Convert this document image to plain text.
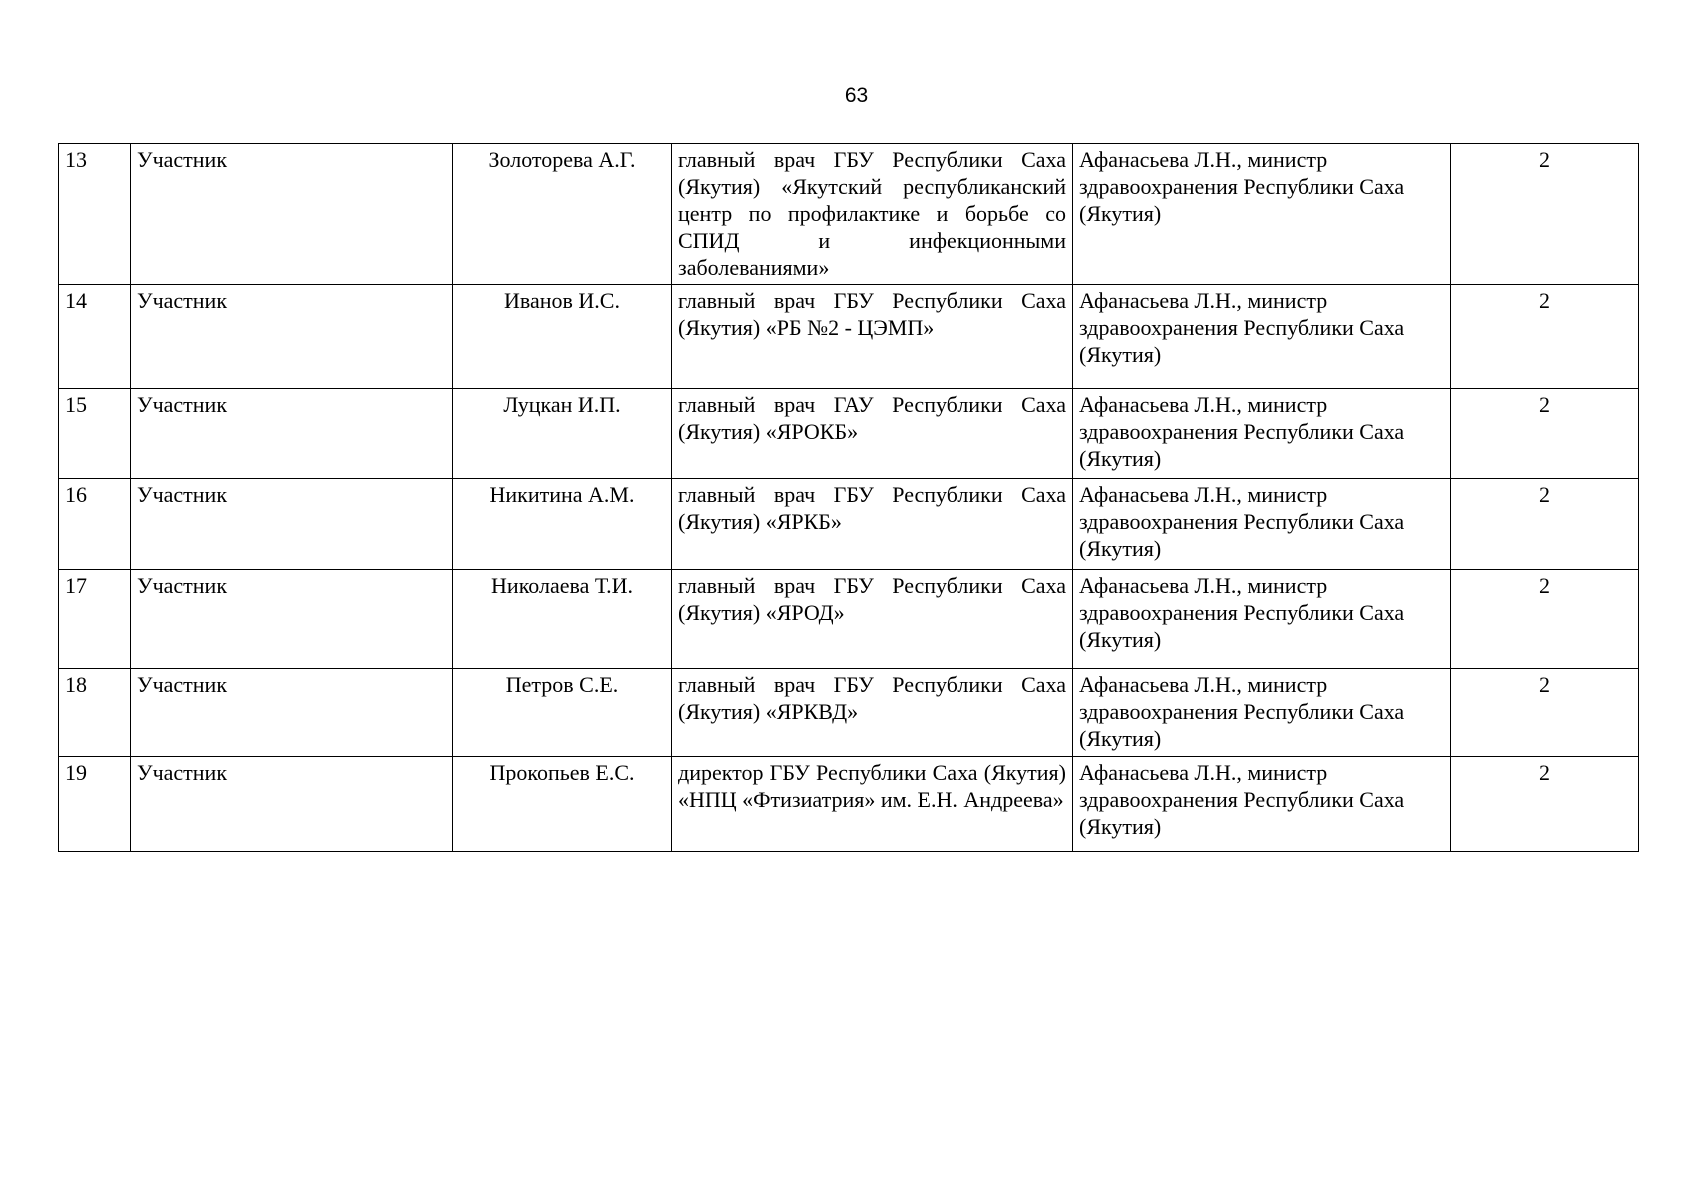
63
13	Участник	Золоторева А.Г.	главный врач ГБУ Республики Саха (Якутия) «Якутский республиканский центр по профилактике и борьбе со СПИД и инфекционными заболеваниями»	Афанасьева Л.Н., министр здравоохранения Республики Саха (Якутия)	2
14	Участник	Иванов И.С.	главный врач ГБУ Республики Саха (Якутия) «РБ №2 - ЦЭМП»	Афанасьева Л.Н., министр здравоохранения Республики Саха (Якутия)	2
15	Участник	Луцкан И.П.	главный врач ГАУ Республики Саха (Якутия) «ЯРОКБ»	Афанасьева Л.Н., министр здравоохранения Республики Саха (Якутия)	2
16	Участник	Никитина А.М.	главный врач ГБУ Республики Саха (Якутия) «ЯРКБ»	Афанасьева Л.Н., министр здравоохранения Республики Саха (Якутия)	2
17	Участник	Николаева Т.И.	главный врач ГБУ Республики Саха (Якутия) «ЯРОД»	Афанасьева Л.Н., министр здравоохранения Республики Саха (Якутия)	2
18	Участник	Петров С.Е.	главный врач ГБУ Республики Саха (Якутия) «ЯРКВД»	Афанасьева Л.Н., министр здравоохранения Республики Саха (Якутия)	2
19	Участник	Прокопьев Е.С.	директор ГБУ Республики Саха (Якутия) «НПЦ «Фтизиатрия» им. Е.Н. Андреева»	Афанасьева Л.Н., министр здравоохранения Республики Саха (Якутия)	2
